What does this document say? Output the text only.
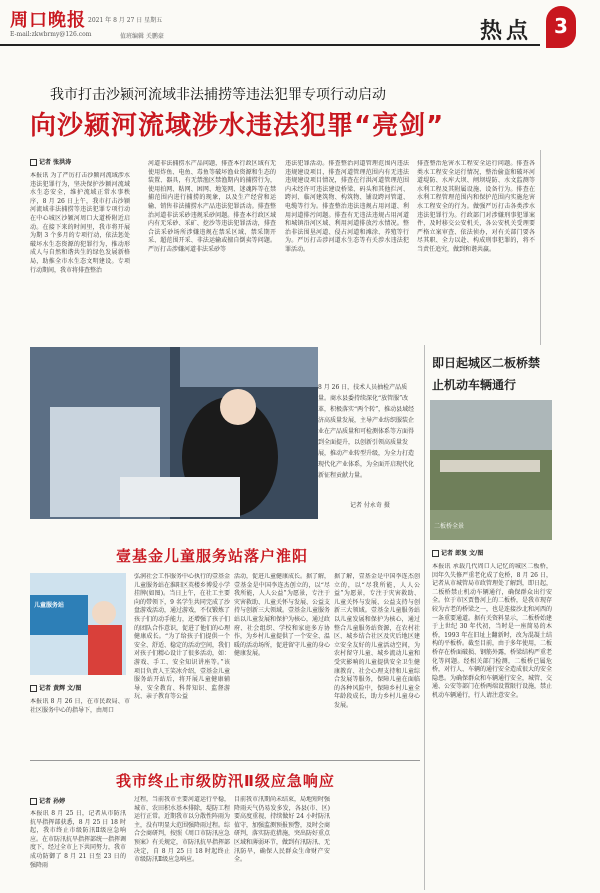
周口晚报 2021 年 8 月 27 日 星期五
E-mail:zkwbrmy@126.com	值班编辑 关鹏豪	热点	3
我市打击沙颍河流域非法捕捞等违法犯罪专项行动启动
向沙颍河流域涉水违法犯罪“亮剑”
记者 张洪涛
本报讯 为了严厉打击沙颍河流域涉水违法犯罪行为，坚决保护沙颍河流域水生态安全，维护流域正常水事秩序，8 月 26 日上午，我市打击沙颍河流域非法捕捞等违法犯罪专项行动在中心城区沙颍河周口大道桥附近启动。在接下来的时间里，我市将开展为期 3 个多月的专项行动，依法惩处破坏水生态资源的犯罪行为，推动形成人与自然和谐共生的绿色发展新格局，助推全市水生态文明建设。专项行动期间，我市将排查整治
河道非法捕捞水产品问题，排查本行政区域有无使用炸鱼、电鱼、毒鱼等破坏渔业资源和生态的装置、器具，有无禁渔区禁渔期内的捕捞行为，使用拍网、粘网、困网、地笼网、迷魂阵等在禁捕范围内进行捕捞的现象，以及生产经营和运输、销售非法捕捞水产品违法犯罪活动。排查整治河道非法采砂违规采砂问题。排查本行政区域内有无采砂、采矿、挖沙等违法犯罪活动，排查合法采砂场所涉嫌违规在禁采区域、禁采期开采、超范围开采、非法运输或擅自倒卖等问题。严厉打击涉嫌河道非法采砂等
违法犯罪活动。排查整治河道管理范围内违法违规建设项目，排查河道管理范围内有无违法违规建设项目情况，排查在行洪河道管理范围内未经许可违法建设桥梁、码头和其他拦河、跨河、临河建筑物、构筑物、铺设跨河管道、电缆等行为。排查整治违法违规占用河道、利用河道排污问题。排查有无违法违规占用河道和城镇沿河区域、利用河道排放污水情况。整治非法围垦河道、侵占河道和滩涂、养殖等行为。严厉打击涉河道水生态等有关涉水违法犯罪活动。
排查整治危害水工程安全运行问题。排查各类水工程安全运行情况，整治偷盗和破坏河道堤防、水库大坝、闸坝堤防、水文监测等水利工程及其附属设施、设备行为。排查在水利工程管理范围内和保护范围内实施危害水工程安全的行为。做强严厉打击各类涉水违法犯罪行为。行政部门对涉嫌刑事犯罪案件，及时移交公安机关，各公安机关受理要严格立案审查、依法侦办，对有关部门要各尽其职、全力以赴、构成刑事犯罪的，将不当责任追究，做到和谐共赢。
8 月 26 日，技术人员抽检产品质量。商水县委持续深化“放管服”改革，积极落实“两个转”，推动县域经济高质量发展，主导产业纺织服装企业在产品质量和可检测体系等方面得到全面提升，以创新引领高质量发展，推动产业转型升级，为全力打造现代化产业体系，为全面开启现代化新征程贡献力量。
记者 付永奇 摄
即日起城区二板桥禁止机动车辆通行
二板桥全景
记者 郎复 文/图
本报讯 承载几代周口人记忆的城区二板桥，因年久失修严重老化成了危桥，8 月 26 日，记者从市城管局市政管理处了解到，即日起，二板桥禁止机动车辆通行，确保群众出行安全。位于市区贾鲁河上的二板桥，是我市现存较为古老的桥梁之一，也是连接沙北和河西的一条重要通道。据有关资料显示，二板桥始建于上世纪 30 年代初，当时是一座简易的木桥，1993 年在旧址上翻新时，改为混凝土结构的平板桥。截至目前，由于多年使用，二板桥存在桥面破损、钢筋外露，桥梁结构严重老化等问题。经相关部门检测，二板桥已属危桥，对行人、车辆的通行安全造成很大的安全隐患。为确保群众和车辆通行安全，城管、交通、公安等部门在桥两端设置限行设施，禁止机动车辆通行，行人请注意安全。
壹基金儿童服务站落户淮阳
儿童服务站
记者 黄辉 文/图
本报讯 8 月 26 日，在市民政局、市社区服务中心的指导下，由周口
弘润社会工作服务中心执行的壹基金儿童服务站在淮阳区英楼乡博爱小学挂牌(如图)。当日上午，在社工主要向的带领下，9 名学生共同完成了沙盘游戏活动，通过游戏，不仅锻炼了孩子们的动手能力，还增强了孩子们的团队合作意识，促进了他们的心理健康成长。“为了给孩子们提供一个安全、舒适、稳定的活动空间，我们对孩子们精心设计了很多活动，如：游戏、手工、安全知识讲座等。”该项目负责人王笑冰介绍，壹基金儿童服务站开站后，将开展儿童健康辅导、安全教育、科普知识、监督游玩、亲子教育等公益
活动，促进儿童健康成长。据了解，壹基金是中国李连杰创立的，以“尽我所能，人人公益”为愿景，专注于灾害救助、儿童关怀与发展、公益支持与创新三大领域。壹基金儿童服务站以儿童发展和保护为核心，通过政府、社会组织、学校和家庭多方协作，为乡村儿童提供了一个安全、温暖的活动场所，促进留守儿童的身心健康发展。
据了解，壹基金是中国李连杰创立的，以“尽我所能，人人公益”为愿景，专注于灾害救助、儿童关怀与发展、公益支持与创新三大领域。壹基金儿童服务站以儿童发展和保护为核心，通过整合儿童服务站资源，在农村社区、城乡结合社区及灾后地区建立安全友好的儿童活动空间，为农村留守儿童、城乡流动儿童和受灾影响的儿童提供安全卫生健康教育、社会心理支持和儿童综合发展等服务，保障儿童在面临的各种风险中，保障乡村儿童全年龄段成长，助力乡村儿童身心发展。
我市终止市级防汛Ⅱ级应急响应
记者 孙婷
本报讯 8 月 25 日，记者从市防汛抗旱指挥部获悉，8 月 25 日 18 时起，我市终止市级防汛Ⅱ级应急响应。在市防汛抗旱指挥部统一指挥调度下，经过全市上下共同努力，我市成功防御了 8 月 21 日至 23 日的强降雨
过程，当前我市主要河道运行平稳，城市、农田积水基本排除，堤防工程运行正常。近期我市以分散性阵雨为主，没有明显大范围强降雨过程。综合会商研判，按照《周口市防汛应急预案》有关规定，市防汛抗旱指挥部决定，自 8 月 25 日 18 时起终止市级防汛Ⅱ级应急响应。
目前我市汛期尚未结束，局地短时强降雨天气仍易发多发，各县(市、区)要高度重视，持续做好 24 小时防汛值守，加强监测预报预警，及时会商研判，落实防范措施，突出防好重点区域和薄弱环节，做到有汛防汛、无汛防旱，确保人民群众生命财产安全。
